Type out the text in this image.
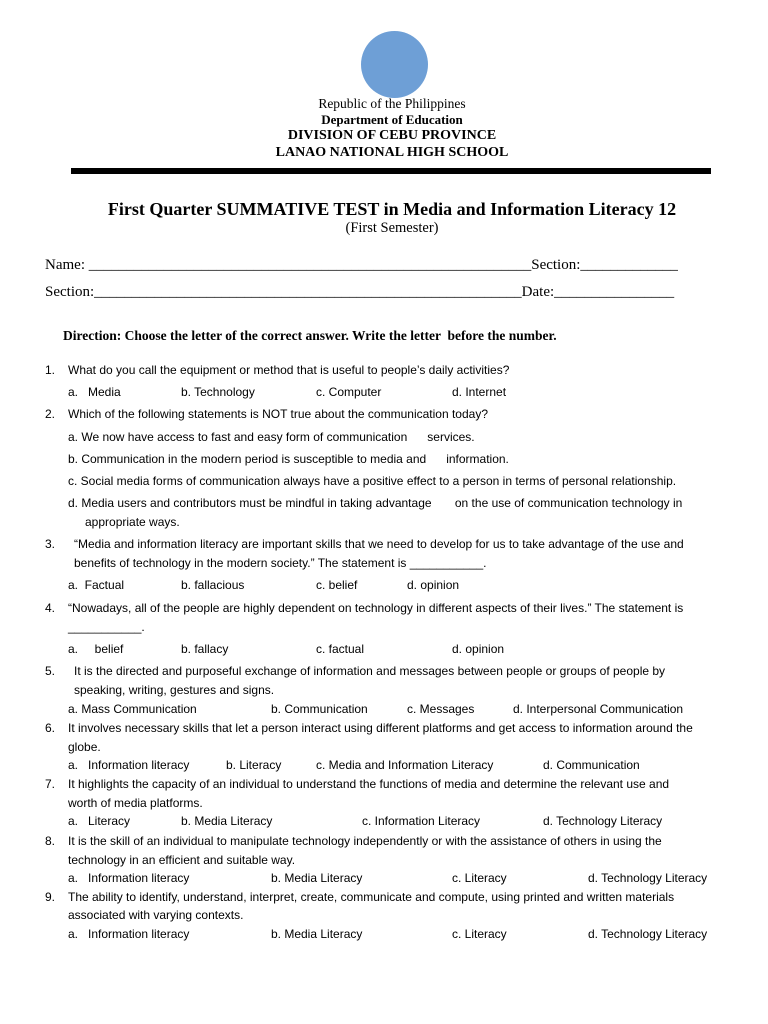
Republic of the Philippines
Department of Education
DIVISION OF CEBU PROVINCE
LANAO NATIONAL HIGH SCHOOL
First Quarter SUMMATIVE TEST in Media and Information Literacy 12
(First Semester)
Name: ___________________________________________________________Section:_____________
Section:_________________________________________________________Date:________________
Direction: Choose the letter of the correct answer. Write the letter  before the number.
1. What do you call the equipment or method that is useful to people’s daily activities?
a.   Media	b. Technology	c. Computer	d. Internet
2. Which of the following statements is NOT true about the communication today?
a. We now have access to fast and easy form of communication      services.
b. Communication in the modern period is susceptible to media and      information.
c. Social media forms of communication always have a positive effect to a person in terms of personal relationship.
d. Media users and contributors must be mindful in taking advantage       on the use of communication technology in
appropriate ways.
3. “Media and information literacy are important skills that we need to develop for us to take advantage of the use and
benefits of technology in the modern society.” The statement is ___________.
a.  Factual	b. fallacious	c. belief	d. opinion
4. “Nowadays, all of the people are highly dependent on technology in different aspects of their lives.” The statement is
___________.
a.     belief	b. fallacy	c. factual	d. opinion
5. It is the directed and purposeful exchange of information and messages between people or groups of people by
speaking, writing, gestures and signs.
a. Mass Communication	b. Communication	c. Messages	d. Interpersonal Communication
6. It involves necessary skills that let a person interact using different platforms and get access to information around the
globe.
a.   Information literacy	b. Literacy	c. Media and Information Literacy	d. Communication
7. It highlights the capacity of an individual to understand the functions of media and determine the relevant use and
worth of media platforms.
a.   Literacy	b. Media Literacy	c. Information Literacy	d. Technology Literacy
8. It is the skill of an individual to manipulate technology independently or with the assistance of others in using the
technology in an efficient and suitable way.
a.   Information literacy	b. Media Literacy	c. Literacy	d. Technology Literacy
9. The ability to identify, understand, interpret, create, communicate and compute, using printed and written materials
associated with varying contexts.
a.   Information literacy	b. Media Literacy	c. Literacy	d. Technology Literacy
